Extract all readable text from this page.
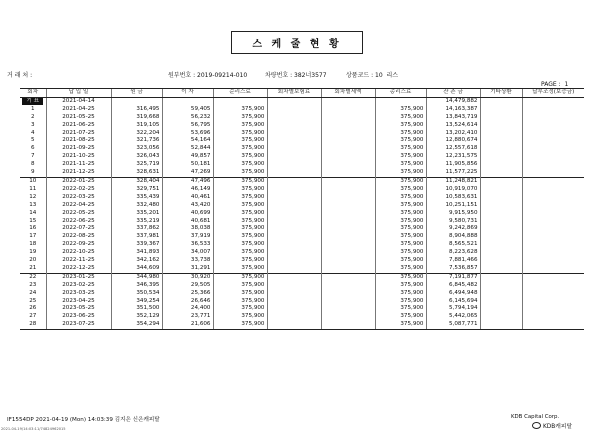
스 케 줄 현 황
거 래 처 :	원부번호 : 2019-09214-010	차량번호 : 382너3577	상품코드 : 10 리스
PAGE : 1
회차	납 입 일	원 금	이 자	순리스료	회차별보험료	회차별세액	총리스료	잔 존 금	기타상환	납부조정(보증금)
기 표	2021-04-14							14,479,882		
1	2021-04-25	316,495	59,405	375,900			375,900	14,163,387		
2	2021-05-25	319,668	56,232	375,900			375,900	13,843,719		
3	2021-06-25	319,105	56,795	375,900			375,900	13,524,614		
4	2021-07-25	322,204	53,696	375,900			375,900	13,202,410		
5	2021-08-25	321,736	54,164	375,900			375,900	12,880,674		
6	2021-09-25	323,056	52,844	375,900			375,900	12,557,618		
7	2021-10-25	326,043	49,857	375,900			375,900	12,231,575		
8	2021-11-25	325,719	50,181	375,900			375,900	11,905,856		
9	2021-12-25	328,631	47,269	375,900			375,900	11,577,225		
10	2022-01-25	328,404	47,496	375,900			375,900	11,248,821		
11	2022-02-25	329,751	46,149	375,900			375,900	10,919,070		
12	2022-03-25	335,439	40,461	375,900			375,900	10,583,631		
13	2022-04-25	332,480	43,420	375,900			375,900	10,251,151		
14	2022-05-25	335,201	40,699	375,900			375,900	9,915,950		
15	2022-06-25	335,219	40,681	375,900			375,900	9,580,731		
16	2022-07-25	337,862	38,038	375,900			375,900	9,242,869		
17	2022-08-25	337,981	37,919	375,900			375,900	8,904,888		
18	2022-09-25	339,367	36,533	375,900			375,900	8,565,521		
19	2022-10-25	341,893	34,007	375,900			375,900	8,223,628		
20	2022-11-25	342,162	33,738	375,900			375,900	7,881,466		
21	2022-12-25	344,609	31,291	375,900			375,900	7,536,857		
22	2023-01-25	344,980	30,920	375,900			375,900	7,191,877		
23	2023-02-25	346,395	29,505	375,900			375,900	6,845,482		
24	2023-03-25	350,534	25,366	375,900			375,900	6,494,948		
25	2023-04-25	349,254	26,646	375,900			375,900	6,145,694		
26	2023-05-25	351,500	24,400	375,900			375,900	5,794,194		
27	2023-06-25	352,129	23,771	375,900			375,900	5,442,065		
28	2023-07-25	354,294	21,606	375,900			375,900	5,087,771		
IF1554DP 2021-04-19 (Mon) 14:03:39 김지은 신은캐피탈
2021-04-19/14:03:11/74824962015
KDB Capital Corp.
KDB캐피탈
